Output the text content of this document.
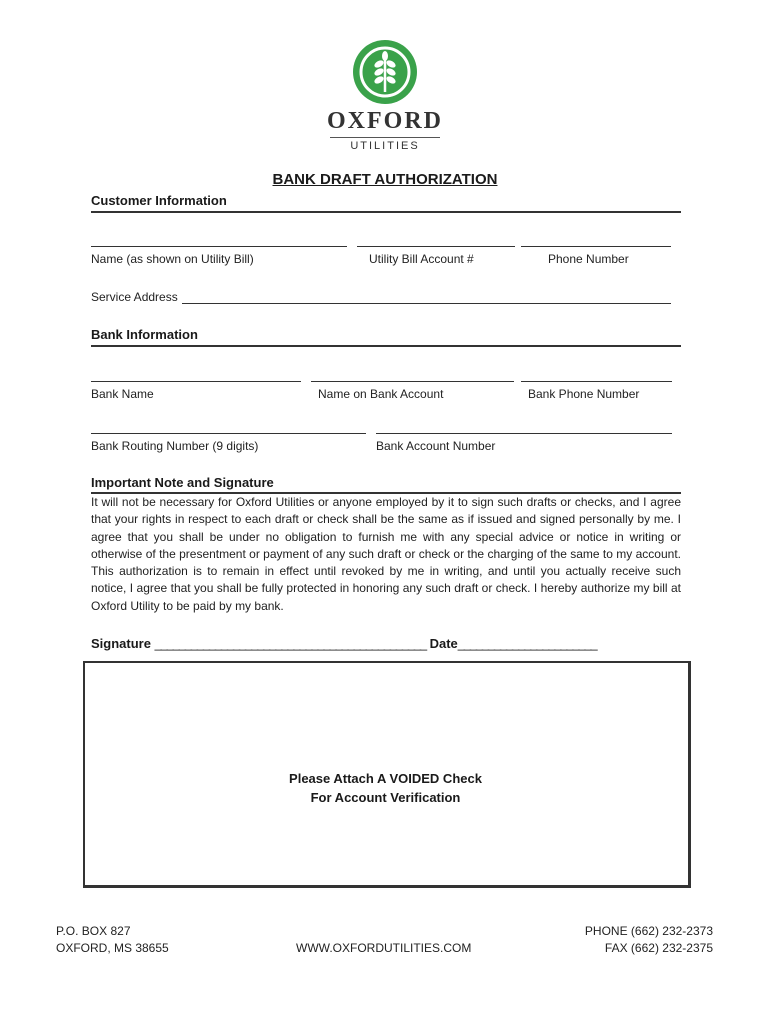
OXFORD
UTILITIES
BANK DRAFT AUTHORIZATION
Customer Information
Name (as shown on Utility Bill)	Utility Bill Account #	Phone Number
Service Address
Bank Information
Bank Name	Name on Bank Account	Bank Phone Number
Bank Routing Number (9 digits)	Bank Account Number
Important Note and Signature
It will not be necessary for Oxford Utilities or anyone employed by it to sign such drafts or checks, and I agree that your rights in respect to each draft or check shall be the same as if issued and signed personally by me. I agree that you shall be under no obligation to furnish me with any special advice or notice in writing or otherwise of the presentment or payment of any such draft or check or the charging of the same to my account. This authorization is to remain in effect until revoked by me in writing, and until you actually receive such notice, I agree that you shall be fully protected in honoring any such draft or check. I hereby authorize my bill at Oxford Utility to be paid by my bank.
Signature _____________________________________________ Date_______________________
Please Attach A VOIDED Check
For Account Verification
P.O. BOX 827
OXFORD, MS 38655	WWW.OXFORDUTILITIES.COM
PHONE (662) 232-2373
FAX (662) 232-2375
